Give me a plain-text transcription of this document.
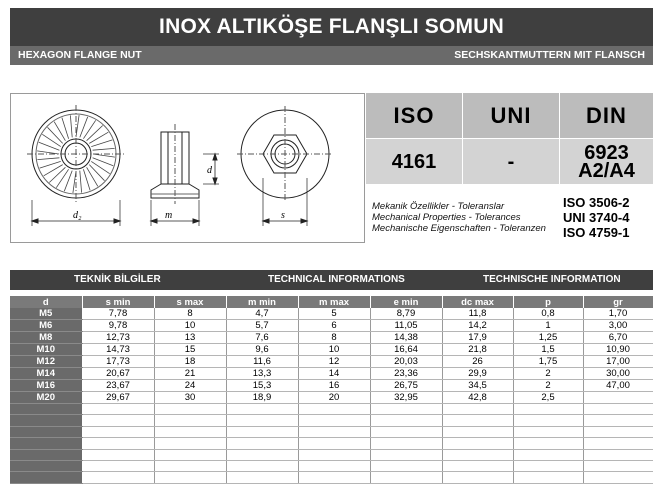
INOX ALTIKÖŞE FLANŞLI SOMUN
HEXAGON FLANGE NUT	SECHSKANTMUTTERN MIT FLANSCH
d₂	m
d
s
ISO	UNI	DIN
4161	-	6923
A2/A4
Mekanik Özellikler - Toleranslar
Mechanical Properties - Tolerances
Mechanische Eigenschaften - Toleranzen
ISO 3506-2
UNI 3740-4
ISO 4759-1
TEKNİK BİLGİLER	TECHNICAL INFORMATIONS	TECHNISCHE INFORMATION
d	s min	s max	m min	m max	e min	dc max	p	gr
M5	7,78	8	4,7	5	8,79	11,8	0,8	1,70
M6	9,78	10	5,7	6	11,05	14,2	1	3,00
M8	12,73	13	7,6	8	14,38	17,9	1,25	6,70
M10	14,73	15	9,6	10	16,64	21,8	1,5	10,90
M12	17,73	18	11,6	12	20,03	26	1,75	17,00
M14	20,67	21	13,3	14	23,36	29,9	2	30,00
M16	23,67	24	15,3	16	26,75	34,5	2	47,00
M20	29,67	30	18,9	20	32,95	42,8	2,5	
